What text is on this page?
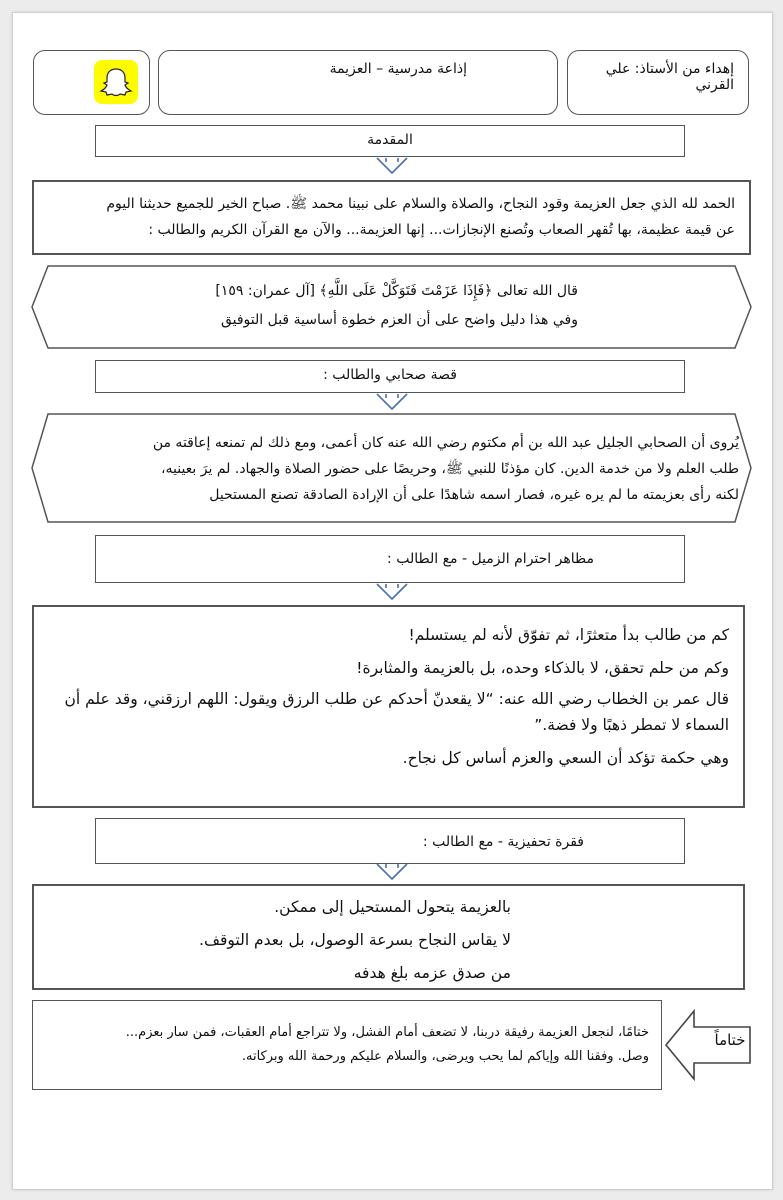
إهداء من الأستاذ: علي القرني
إذاعة مدرسية – العزيمة
المقدمة

الحمد لله الذي جعل العزيمة وقود النجاح، والصلاة والسلام على نبينا محمد ﷺ. صباح الخير للجميع حديثنا اليوم

عن قيمة عظيمة، بها تُقهر الصعاب وتُصنع الإنجازات... إنها العزيمة... والآن مع القرآن الكريم والطالب :

قال الله تعالى ﴿فَإِذَا عَزَمْتَ فَتَوَكَّلْ عَلَى اللَّهِ﴾ [آل عمران: ١٥٩]

وفي هذا دليل واضح على أن العزم خطوة أساسية قبل التوفيق

قصة صحابي والطالب :

يُروى أن الصحابي الجليل عبد الله بن أم مكتوم رضي الله عنه كان أعمى، ومع ذلك لم تمنعه إعاقته من

طلب العلم ولا من خدمة الدين. كان مؤذنًا للنبي ﷺ، وحريصًا على حضور الصلاة والجهاد. لم يرَ بعينيه،

لكنه رأى بعزيمته ما لم يره غيره، فصار اسمه شاهدًا على أن الإرادة الصادقة تصنع المستحيل

مظاهر احترام الزميل - مع الطالب :

كم من طالب بدأ متعثرًا، ثم تفوّق لأنه لم يستسلم!

وكم من حلم تحقق، لا بالذكاء وحده، بل بالعزيمة والمثابرة!

قال عمر بن الخطاب رضي الله عنه: “لا يقعدنّ أحدكم عن طلب الرزق ويقول: اللهم ارزقني، وقد علم أن

السماء لا تمطر ذهبًا ولا فضة.”

وهي حكمة تؤكد أن السعي والعزم أساس كل نجاح.

فقرة تحفيزية - مع الطالب :

بالعزيمة يتحول المستحيل إلى ممكن.

لا يقاس النجاح بسرعة الوصول، بل بعدم التوقف.

من صدق عزمه بلغ هدفه

ختامًا، لنجعل العزيمة رفيقة دربنا، لا تضعف أمام الفشل، ولا تتراجع أمام العقبات، فمن سار بعزم...

وصل. وفقنا الله وإياكم لما يحب ويرضى، والسلام عليكم ورحمة الله وبركاته.

ختاماً
